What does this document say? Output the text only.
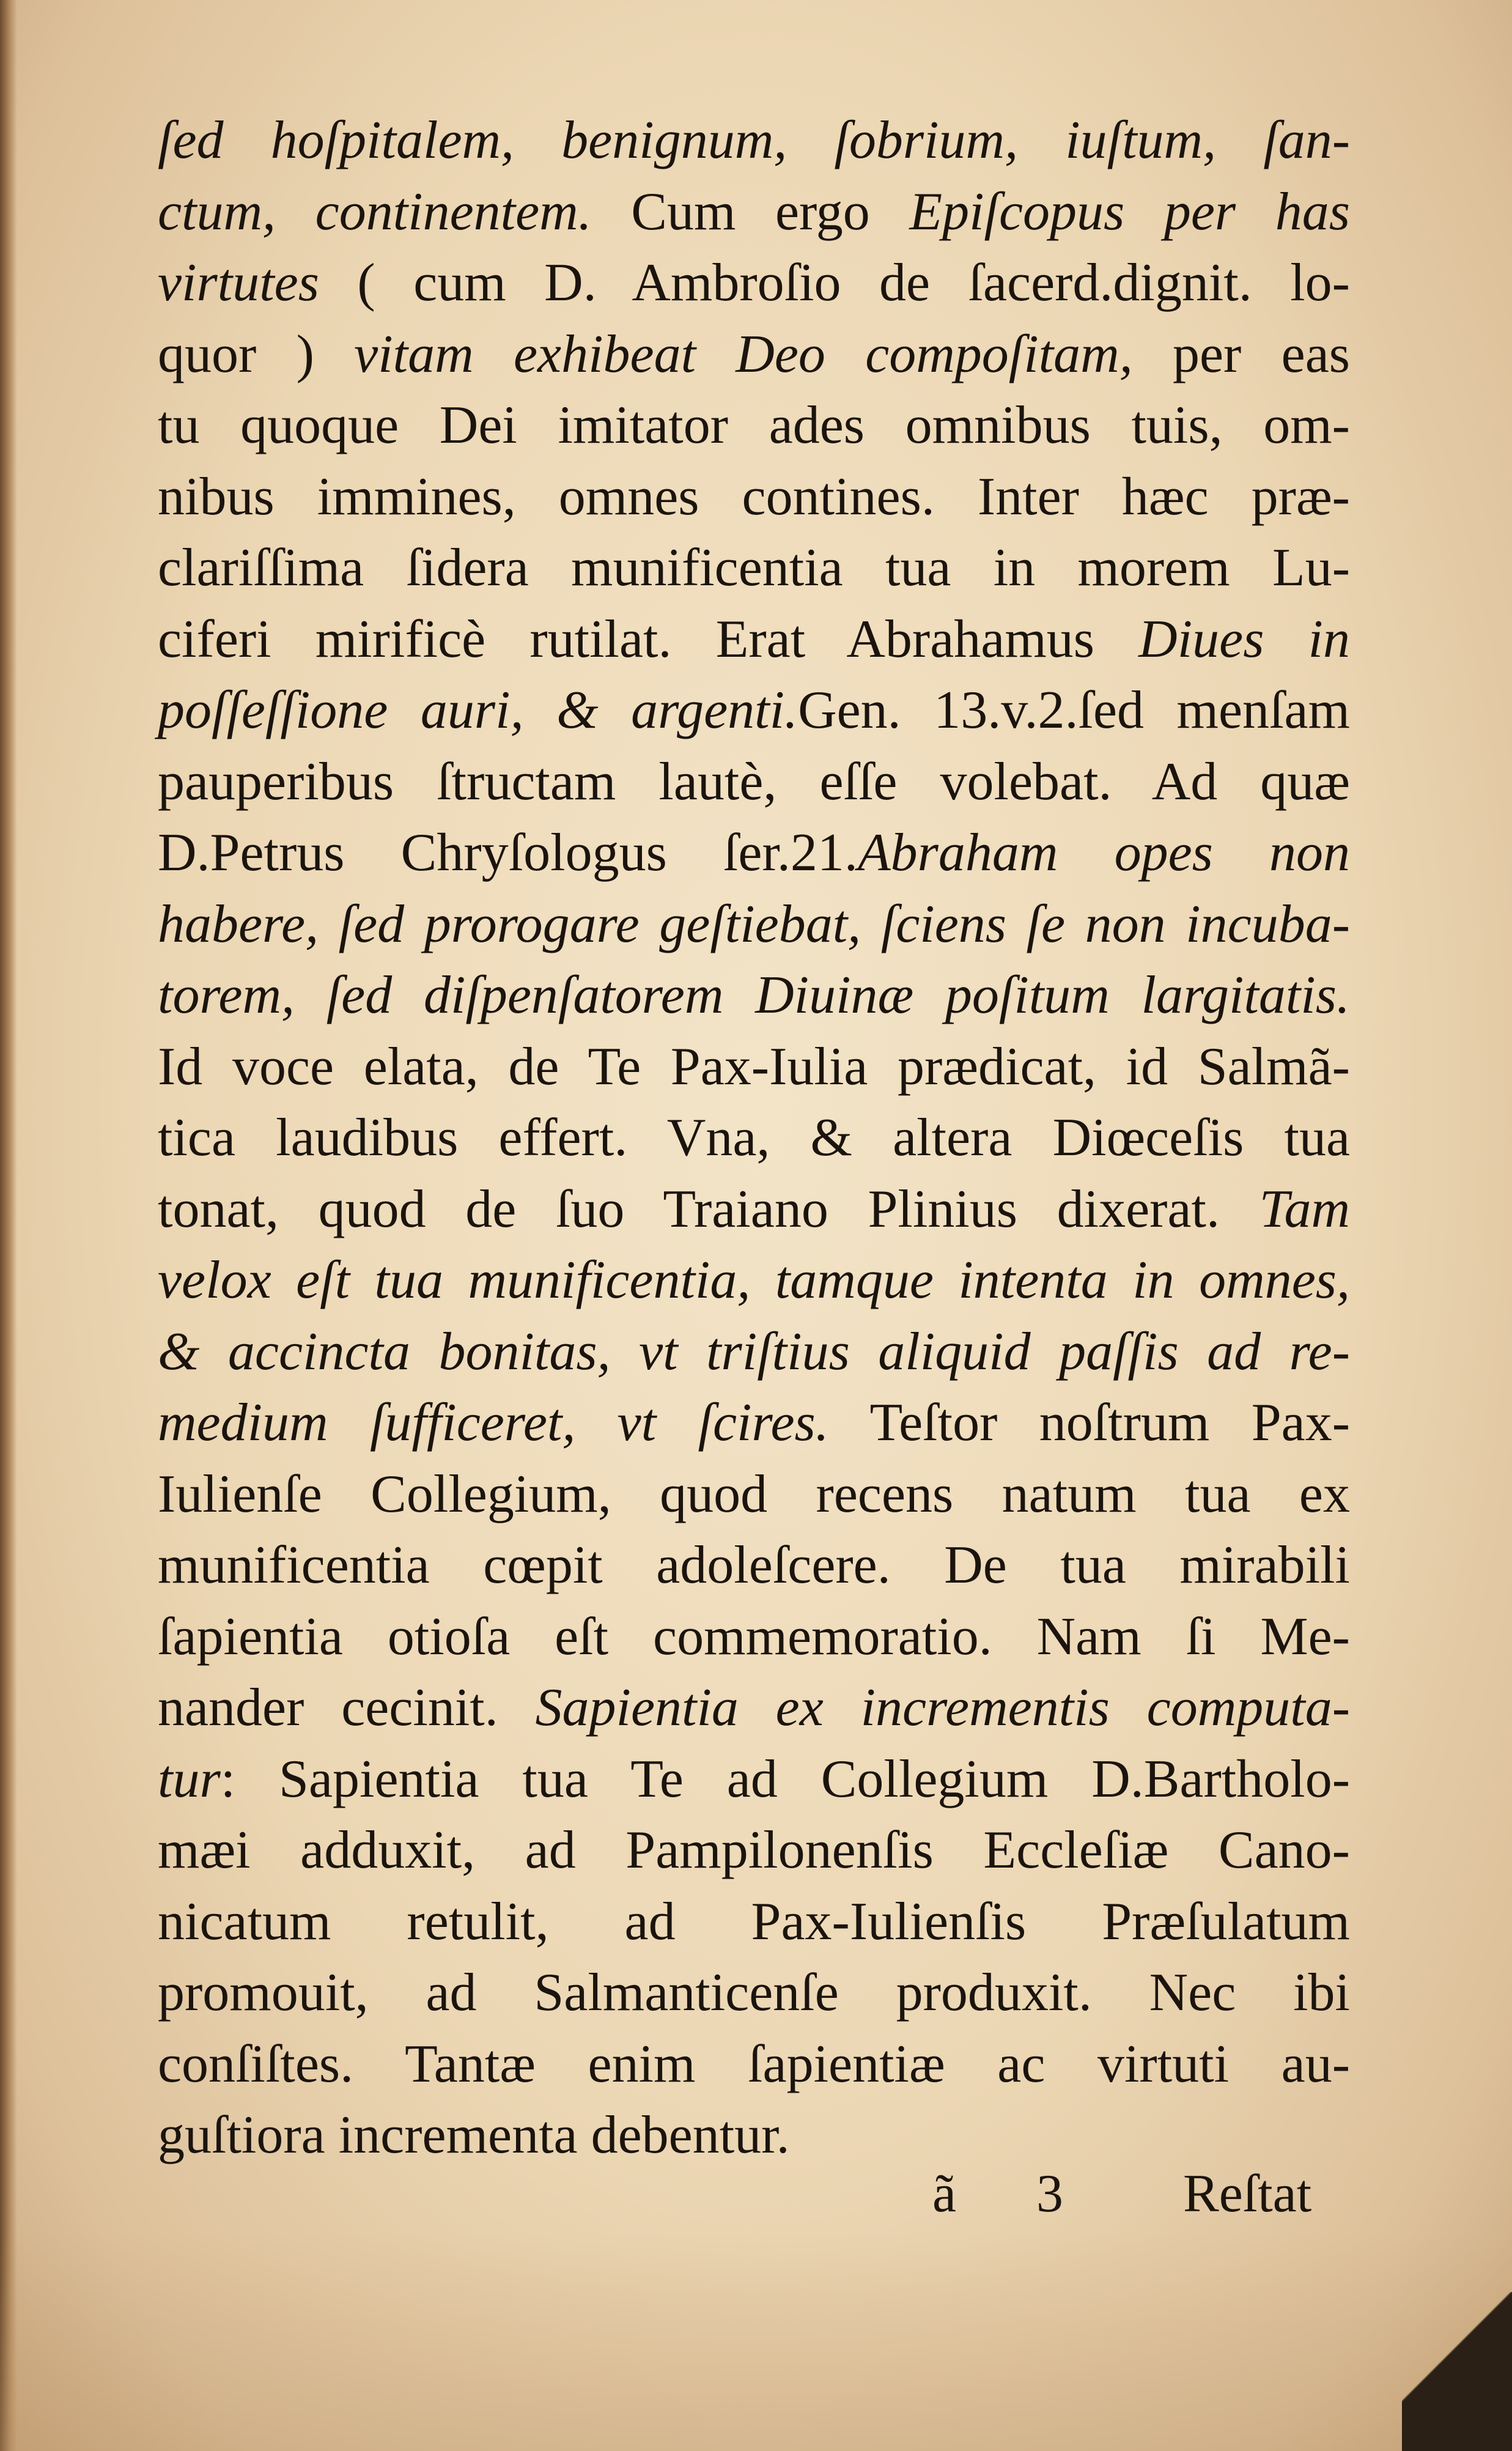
ſed hoſpitalem, benignum, ſobrium, iuſtum, ſan-
ctum, continentem. Cum ergo Epiſcopus per has
virtutes ( cum D. Ambroſio de ſacerd.dignit. lo-
quor ) vitam exhibeat Deo compoſitam, per eas
tu quoque Dei imitator ades omnibus tuis, om-
nibus immines, omnes contines. Inter hæc præ-
clariſſima ſidera munificentia tua in morem Lu-
ciferi mirificè rutilat. Erat Abrahamus Diues in
poſſeſſione auri, & argenti.Gen. 13.v.2.ſed menſam
pauperibus ſtructam lautè, eſſe volebat. Ad quæ
D.Petrus Chryſologus ſer.21.Abraham opes non
habere, ſed prorogare geſtiebat, ſciens ſe non incuba-
torem, ſed diſpenſatorem Diuinæ poſitum largitatis.
Id voce elata, de Te Pax-Iulia prædicat, id Salmã-
tica laudibus effert. Vna, & altera Diœceſis tua
tonat, quod de ſuo Traiano Plinius dixerat. Tam
velox eſt tua munificentia, tamque intenta in omnes,
& accincta bonitas, vt triſtius aliquid paſſis ad re-
medium ſufficeret, vt ſcires. Teſtor noſtrum Pax-
Iulienſe Collegium, quod recens natum tua ex
munificentia cœpit adoleſcere. De tua mirabili
ſapientia otioſa eſt commemoratio. Nam ſi Me-
nander cecinit. Sapientia ex incrementis computa-
tur: Sapientia tua Te ad Collegium D.Bartholo-
mæi adduxit, ad Pampilonenſis Eccleſiæ Cano-
nicatum retulit, ad Pax-Iulienſis Præſulatum
promouit, ad Salmanticenſe produxit. Nec ibi
conſiſtes. Tantæ enim ſapientiæ ac virtuti au-
guſtiora incrementa debentur.
ã 3 Reſtat
